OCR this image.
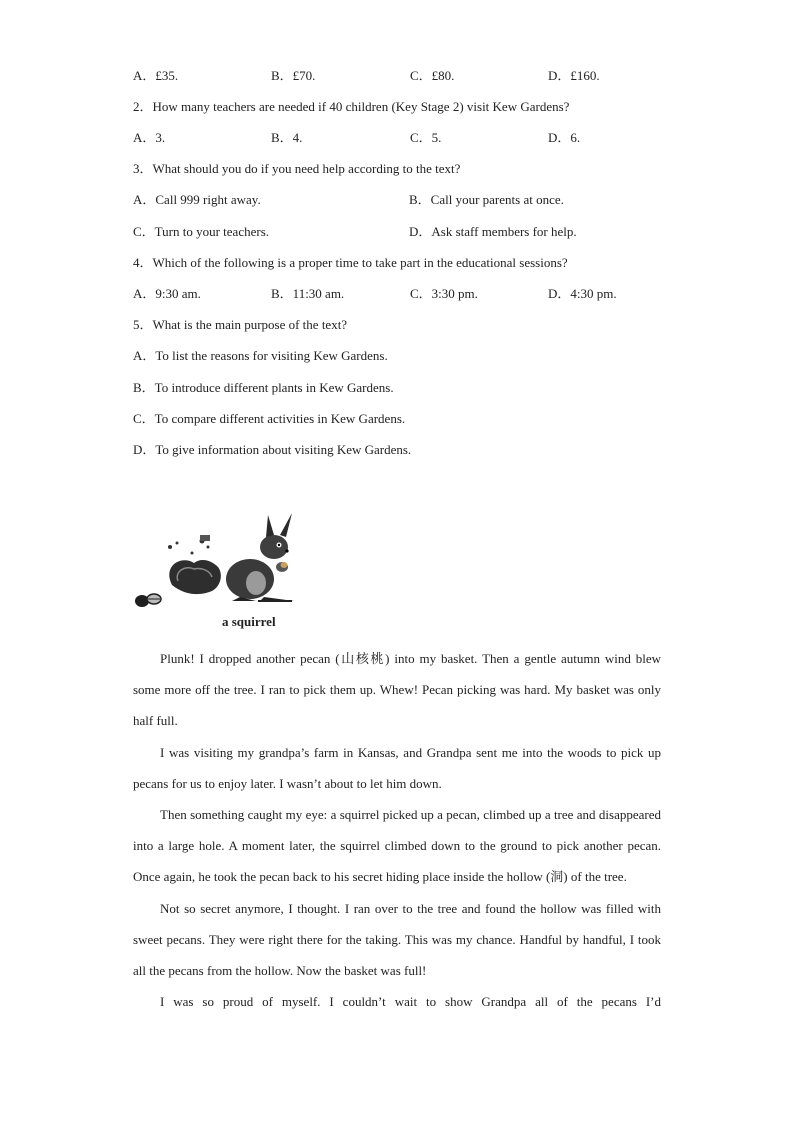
A．£35.	B．£70.	C．£80.	D．£160.
2．How many teachers are needed if 40 children (Key Stage 2) visit Kew Gardens?
A．3.	B．4.	C．5.	D．6.
3．What should you do if you need help according to the text?
A．Call 999 right away.	B．Call your parents at once.
C．Turn to your teachers.	D．Ask staff members for help.
4．Which of the following is a proper time to take part in the educational sessions?
A．9:30 am.	B．11:30 am.	C．3:30 pm.	D．4:30 pm.
5．What is the main purpose of the text?
A．To list the reasons for visiting Kew Gardens.
B．To introduce different plants in Kew Gardens.
C．To compare different activities in Kew Gardens.
D．To give information about visiting Kew Gardens.
a squirrel

Plunk! I dropped another pecan (山核桃) into my basket. Then a gentle autumn wind blew some more off the tree. I ran to pick them up. Whew! Pecan picking was hard. My basket was only half full.

I was visiting my grandpa’s farm in Kansas, and Grandpa sent me into the woods to pick up pecans for us to enjoy later. I wasn’t about to let him down.

Then something caught my eye: a squirrel picked up a pecan, climbed up a tree and disappeared into a large hole. A moment later, the squirrel climbed down to the ground to pick another pecan. Once again, he took the pecan back to his secret hiding place inside the hollow (洞) of the tree.

Not so secret anymore, I thought. I ran over to the tree and found the hollow was filled with sweet pecans. They were right there for the taking. This was my chance. Handful by handful, I took all the pecans from the hollow. Now the basket was full!

I was so proud of myself. I couldn’t wait to show Grandpa all of the pecans I’d
